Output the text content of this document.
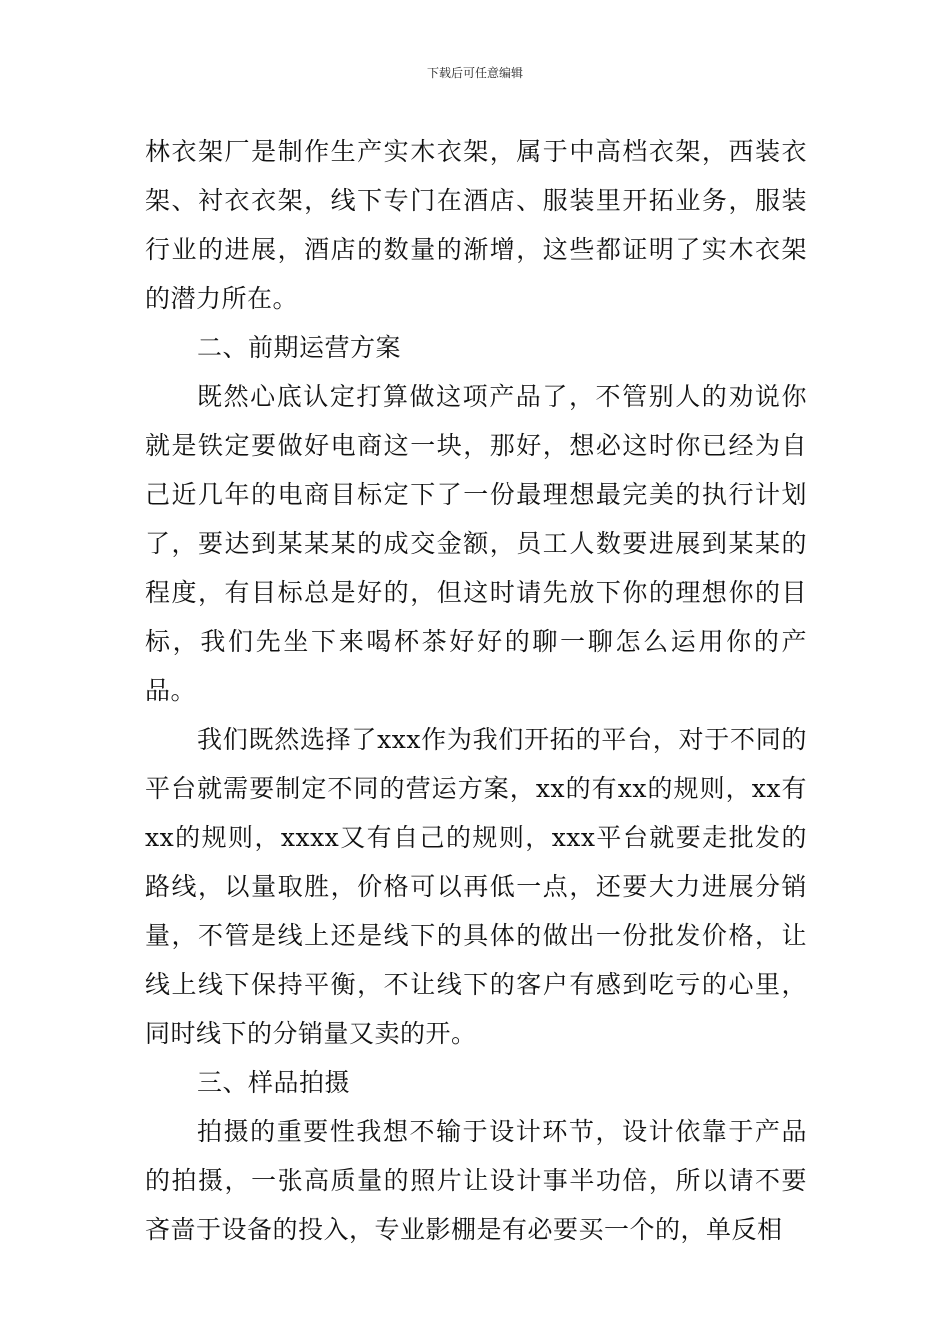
下载后可任意编辑

林衣架厂是制作生产实木衣架，属于中高档衣架，西装衣架、衬衣衣架，线下专门在酒店、服装里开拓业务，服装行业的进展，酒店的数量的渐增，这些都证明了实木衣架的潜力所在。

二、前期运营方案

既然心底认定打算做这项产品了，不管别人的劝说你就是铁定要做好电商这一块，那好，想必这时你已经为自己近几年的电商目标定下了一份最理想最完美的执行计划了，要达到某某某的成交金额，员工人数要进展到某某的程度，有目标总是好的，但这时请先放下你的理想你的目标，我们先坐下来喝杯茶好好的聊一聊怎么运用你的产品。

我们既然选择了xxx作为我们开拓的平台，对于不同的平台就需要制定不同的营运方案，xx的有xx的规则，xx有xx的规则，xxxx又有自己的规则，xxx平台就要走批发的路线，以量取胜，价格可以再低一点，还要大力进展分销量，不管是线上还是线下的具体的做出一份批发价格，让线上线下保持平衡，不让线下的客户有感到吃亏的心里，同时线下的分销量又卖的开。

三、样品拍摄

拍摄的重要性我想不输于设计环节，设计依靠于产品的拍摄，一张高质量的照片让设计事半功倍，所以请不要吝啬于设备的投入，专业影棚是有必要买一个的，单反相
